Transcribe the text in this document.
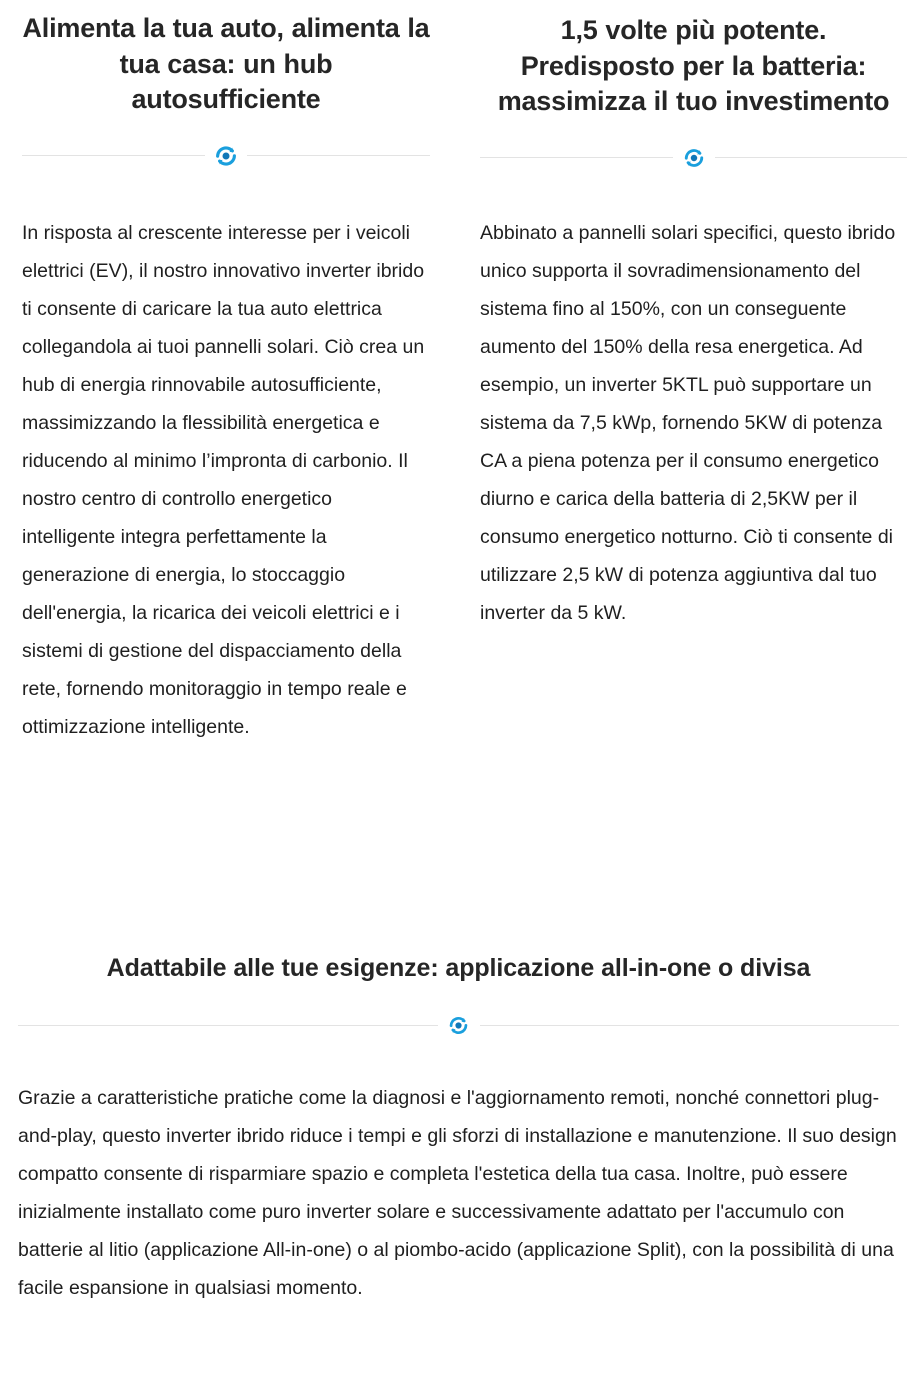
Alimenta la tua auto, alimenta la tua casa: un hub autosufficiente

In risposta al crescente interesse per i veicoli elettrici (EV), il nostro innovativo inverter ibrido ti consente di caricare la tua auto elettrica collegandola ai tuoi pannelli solari. Ciò crea un hub di energia rinnovabile autosufficiente, massimizzando la flessibilità energetica e riducendo al minimo l’impronta di carbonio. Il nostro centro di controllo energetico intelligente integra perfettamente la generazione di energia, lo stoccaggio dell'energia, la ricarica dei veicoli elettrici e i sistemi di gestione del dispacciamento della rete, fornendo monitoraggio in tempo reale e ottimizzazione intelligente.

1,5 volte più potente. Predisposto per la batteria: massimizza il tuo investimento

Abbinato a pannelli solari specifici, questo ibrido unico supporta il sovradimensionamento del sistema fino al 150%, con un conseguente aumento del 150% della resa energetica. Ad esempio, un inverter 5KTL può supportare un sistema da 7,5 kWp, fornendo 5KW di potenza CA a piena potenza per il consumo energetico diurno e carica della batteria di 2,5KW per il consumo energetico notturno. Ciò ti consente di utilizzare 2,5 kW di potenza aggiuntiva dal tuo inverter da 5 kW.

Adattabile alle tue esigenze: applicazione all-in-one o divisa

Grazie a caratteristiche pratiche come la diagnosi e l'aggiornamento remoti, nonché connettori plug-and-play, questo inverter ibrido riduce i tempi e gli sforzi di installazione e manutenzione. Il suo design compatto consente di risparmiare spazio e completa l'estetica della tua casa. Inoltre, può essere inizialmente installato come puro inverter solare e successivamente adattato per l'accumulo con batterie al litio (applicazione All-in-one) o al piombo-acido (applicazione Split), con la possibilità di una facile espansione in qualsiasi momento.
